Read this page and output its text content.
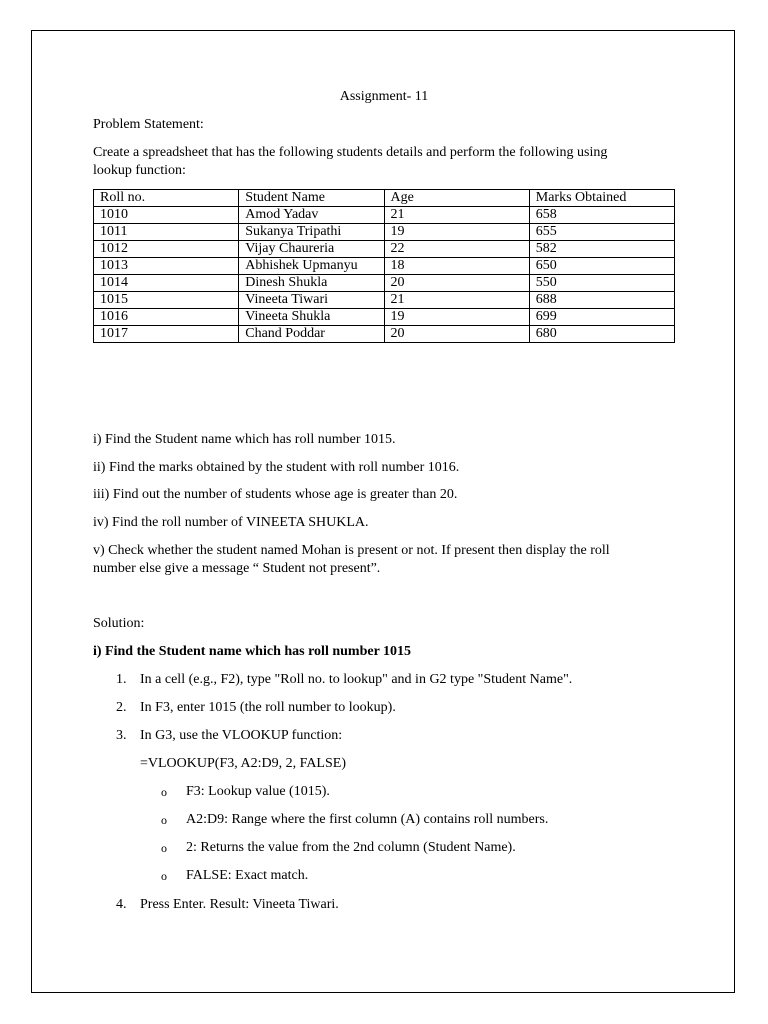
Assignment- 11
Problem Statement:
Create a spreadsheet that has the following students details and perform the following using
lookup function:
Roll no.	Student Name	Age	Marks Obtained
1010	Amod Yadav	21	658
1011	Sukanya Tripathi	19	655
1012	Vijay Chaureria	22	582
1013	Abhishek Upmanyu	18	650
1014	Dinesh Shukla	20	550
1015	Vineeta Tiwari	21	688
1016	Vineeta Shukla	19	699
1017	Chand Poddar	20	680
i) Find the Student name which has roll number 1015.
ii) Find the marks obtained by the student with roll number 1016.
iii) Find out the number of students whose age is greater than 20.
iv) Find the roll number of VINEETA SHUKLA.
v) Check whether the student named Mohan is present or not. If present then display the roll
number else give a message “ Student not present”.
Solution:
i) Find the Student name which has roll number 1015
1. In a cell (e.g., F2), type "Roll no. to lookup" and in G2 type "Student Name".
2. In F3, enter 1015 (the roll number to lookup).
3. In G3, use the VLOOKUP function:
=VLOOKUP(F3, A2:D9, 2, FALSE)
o F3: Lookup value (1015).
o A2:D9: Range where the first column (A) contains roll numbers.
o 2: Returns the value from the 2nd column (Student Name).
o FALSE: Exact match.
4. Press Enter. Result: Vineeta Tiwari.
